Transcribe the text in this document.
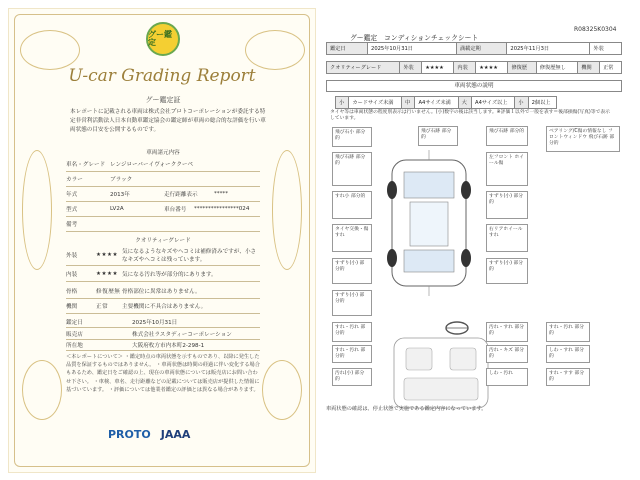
グー鑑定
U-car Grading Report
グー鑑定証
本レポートに記載される車両は株式会社プロトコーポレーションが委託する特定非営利活動法人日本自動車鑑定協会の鑑定師が車両の総合的な評価を行い車両状態の目安を公開するものです。
車両諸元内容
車名・グレード レンジローバーイヴォーククーペ
カラー	ブラック
年式	2013年	走行距離表示	*****
型式	LV2A	車台番号	****************024
備考
クオリティーグレード
外装	★★★★ 気になるようなキズやヘコミは補修済みですが、小さなキズやヘコミは残っています。
内装	★★★★ 気になる汚れ等が部分的にあります。
骨格	修復歴無 骨格部位に異常はありません。
機関	正常	主要機関に不具合はありません。
鑑定日	2025年10月31日
販売店	株式会社ラスタディーコーポレーション
所在地	大阪府枚方市内本町2-298-1
＜本レポートについて＞ ・鑑定時点の車両状態を示すものであり、以降に発生した品質を保証するものではありません。 ・車両状態は時間の経過に伴い変化する場合もあるため、鑑定日をご確認の上、現在の車両状態については販売店にお問い合わせ下さい。 ・車検、車名、走行距離などの記載については販売店が提供した情報に基づいています。 ・評価については他業者鑑定の評価とは異なる場合があります。
PROTO JAAA
R08325K0304
グー鑑定　コンディションチェックシート
鑑定日	2025年10月31日	満載定期	2025年11月3日	外装
クオリティーグレード	外装	★★★★	内装	★★★★	修復歴	修復歴無し	機関	正常
車両状態の説明
小	カードサイズ未満	中	A4サイズ未満	大	A4サイズ以上	小	2個以上
タイヤ等は車両状態の程度別表示は行いません。(小)数字の後は該当します。※評価１以外で一般を表す＝後部損傷(写真)等で表示しています。
飛び石小 部分的
飛び石跡 部分的
すれ小 部分的
タイヤ交換・傷 すれ
すずり(小) 部分的
すずり(小) 部分的
飛び石跡 部分的
飛び石跡 部分的
左フロント ホイール傷
すずり(小) 部分的
右リアホイール すれ
すずり(小) 部分的
ベアリング/C傷の情報なし フロントウィンドウ 飛び石跡 部分的
すれ・汚れ 部分的
すれ・汚れ 部分的
汚れ(小) 部分的
汚れ・すれ 部分的
汚れ・キズ 部分的
しわ・汚れ
すれ・汚れ 部分的
しわ・すれ 部分的
すれ・すす 部分的
車両状態の確認は、停止状態で実施である鑑定内容になっています。
